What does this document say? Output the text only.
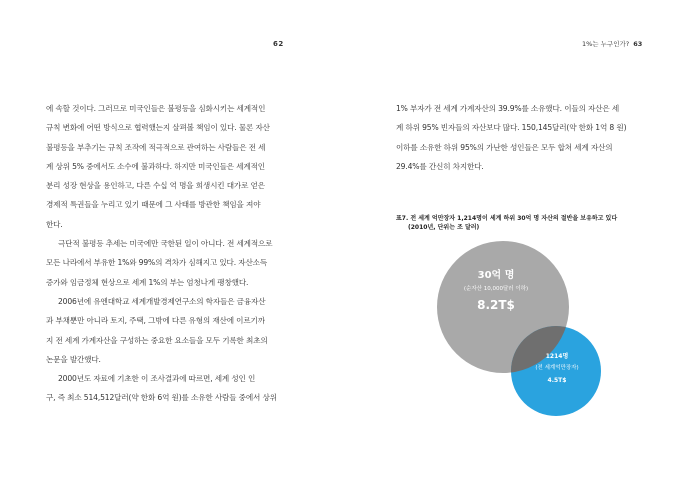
62

에 속할 것이다. 그러므로 미국인들은 불평등을 심화시키는 세계적인

규칙 변화에 어떤 방식으로 협력했는지 살펴볼 책임이 있다. 물론 자산

불평등을 부추기는 규칙 조작에 적극적으로 관여하는 사람들은 전 세

계 상위 5% 중에서도 소수에 불과하다. 하지만 미국인들은 세계적인

분리 성장 현상을 용인하고, 다른 수십 억 명을 희생시킨 대가로 얻은

경제적 특권들을 누리고 있기 때문에 그 사태를 방관한 책임을 져야

한다.

극단적 불평등 추세는 미국에만 국한된 일이 아니다. 전 세계적으로

모든 나라에서 부유한 1%와 99%의 격차가 심해지고 있다. 자산소득

증가와 임금정체 현상으로 세계 1%의 부는 엄청나게 팽창했다.

2006년에 유엔대학교 세계개발경제연구소의 학자들은 금융자산

과 부채뿐만 아니라 토지, 주택, 그밖에 다른 유형의 재산에 이르기까

지 전 세계 가계자산을 구성하는 중요한 요소들을 모두 기록한 최초의

논문을 발간했다.

2000년도 자료에 기초한 이 조사결과에 따르면, 세계 성인 인

구, 즉 최소 514,512달러(약 한화 6억 원)를 소유한 사람들 중에서 상위

1%는 누구인가? 63

1% 부자가 전 세계 가계자산의 39.9%를 소유했다. 이들의 자산은 세

계 하위 95% 빈자들의 자산보다 많다. 150,145달러(약 한화 1억 8 원)

이하를 소유한 하위 95%의 가난한 성인들은 모두 합쳐 세계 자산의

29.4%를 간신히 차지한다.

표7. 전 세계 억만장자 1,214명이 세계 하위 30억 명 자산의 절반을 보유하고 있다
(2010년, 단위는 조 달러)
30억 명
(순자산 10,000달러 이하)
8.2T$
1214명
(전 세계억만장자)
4.5T$
